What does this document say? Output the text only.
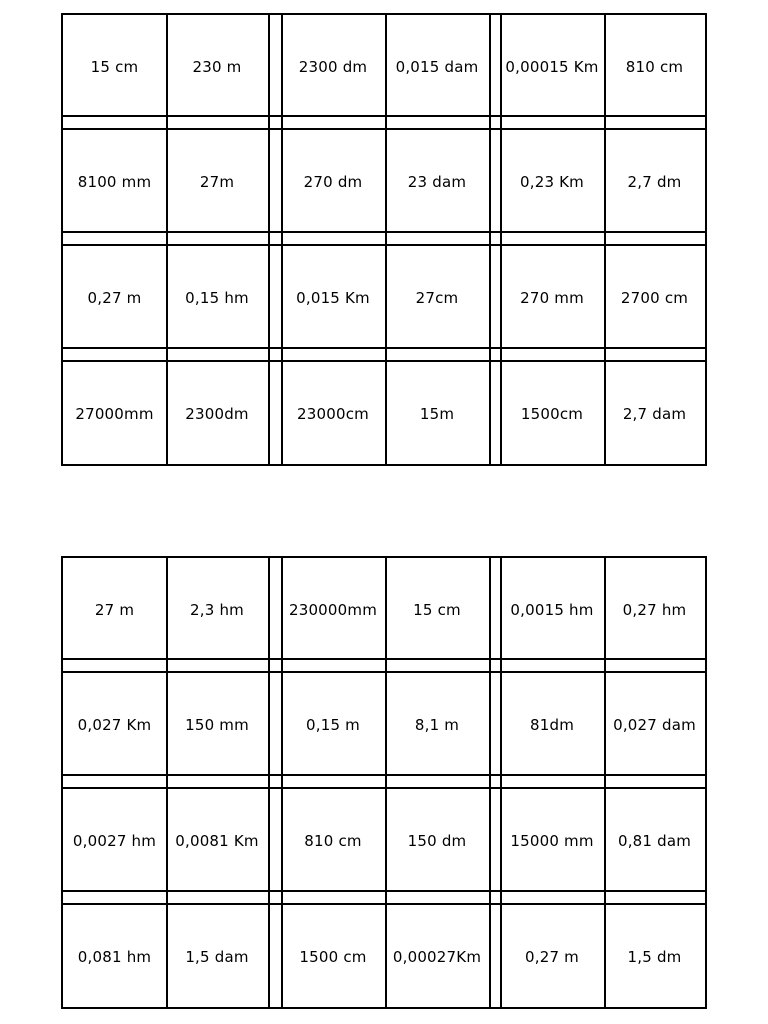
15 cm	230 m	2300 dm	0,015 dam	0,00015 Km	810 cm
8100 mm	27m	270 dm	23 dam	0,23 Km	2,7 dm
0,27 m	0,15 hm	0,015 Km	27cm	270 mm	2700 cm
27000mm	2300dm	23000cm	15m	1500cm	2,7 dam
27 m	2,3 hm	230000mm	15 cm	0,0015 hm	0,27 hm
0,027 Km	150 mm	0,15 m	8,1 m	81dm	0,027 dam
0,0027 hm	0,0081 Km	810 cm	150 dm	15000 mm	0,81 dam
0,081 hm	1,5 dam	1500 cm	0,00027Km	0,27 m	1,5 dm
